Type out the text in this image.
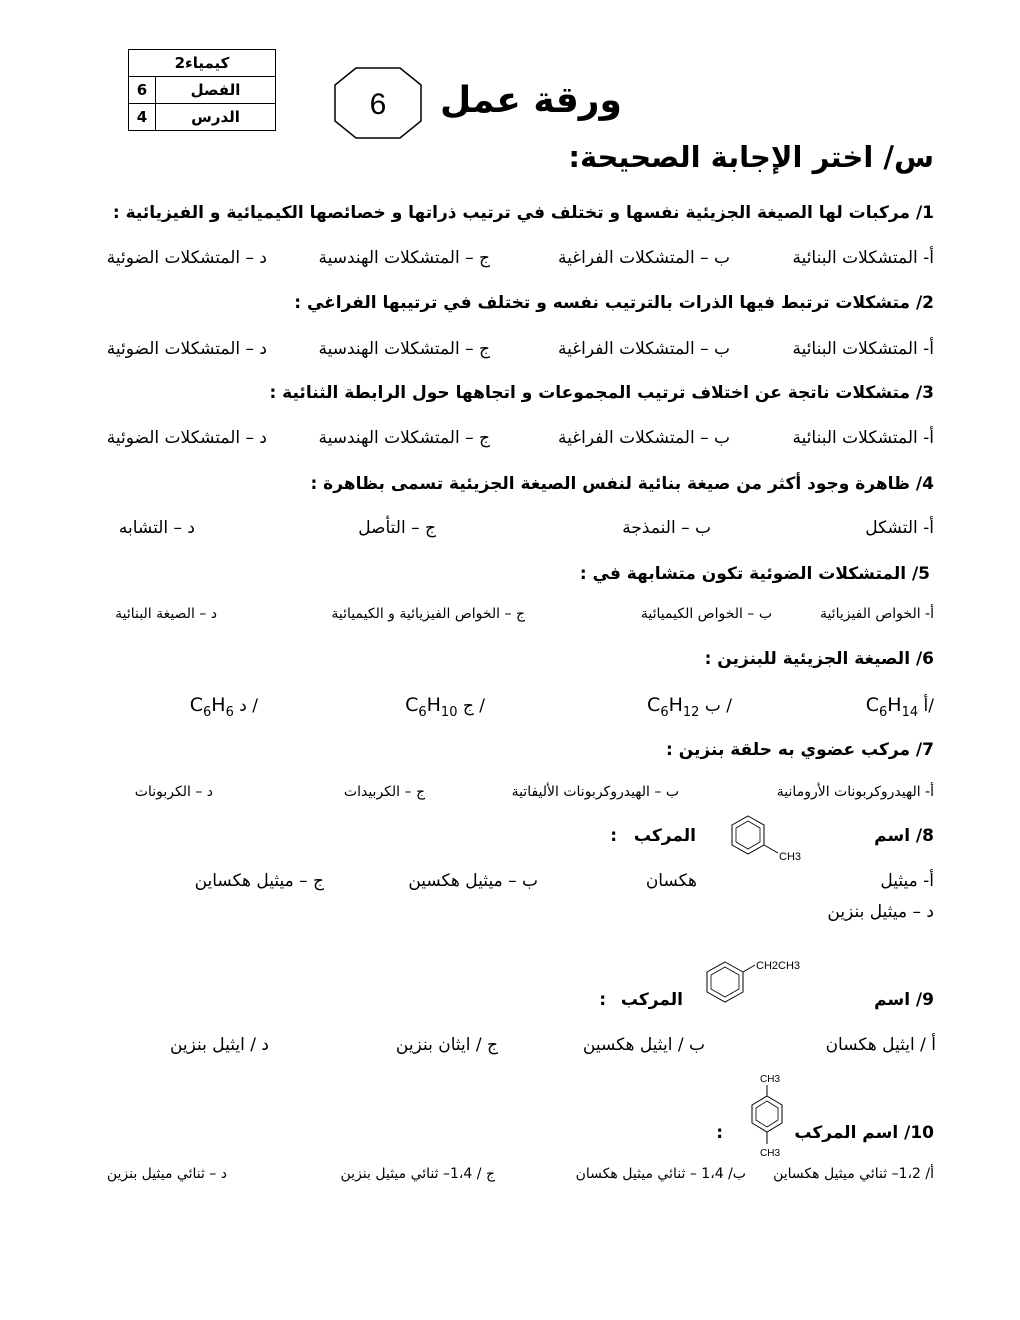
2كيمياء	
6	الفصل
4	الدرس	6 ورقة عمل
س/ اختر الإجابة الصحيحة:
1/ مركبات لها الصيغة الجزيئية نفسها و تختلف في ترتيب ذراتها و خصائصها الكيميائية و الفيزيائية :
أ- المتشكلات البنائية
ب – المتشكلات الفراغية
ج – المتشكلات الهندسية
د – المتشكلات الضوئية
2/ متشكلات ترتبط فيها الذرات بالترتيب نفسه و تختلف في ترتيبها الفراغي :
أ- المتشكلات البنائية
ب – المتشكلات الفراغية
ج – المتشكلات الهندسية
د – المتشكلات الضوئية
3/ متشكلات ناتجة عن اختلاف ترتيب المجموعات و اتجاهها حول الرابطة الثنائية :
أ- المتشكلات البنائية
ب – المتشكلات الفراغية
ج – المتشكلات الهندسية
د – المتشكلات الضوئية
4/ ظاهرة وجود أكثر من صيغة بنائية لنفس الصيغة الجزيئية تسمى بظاهرة :
أ- التشكل
ب – النمذجة
ج – التأصل
د – التشابه
5/ المتشكلات الضوئية تكون متشابهة في :
أ- الخواص الفيزيائية
ب – الخواص الكيميائية
ج – الخواص الفيزيائية و الكيميائية
د – الصيغة البنائية
6/ الصيغة الجزيئية للبنزين :
$C_6H_{14}$ أ/
$C_6H_{12}$ ب /
$C_6H_{10}$ ج /
$C_6H_6$ د /
7/ مركب عضوي به حلقة بنزين :
أ- الهيدروكربونات الأرومانية
ب – الهيدروكربونات الأليفاتية
ج – الكربيدات
د – الكربونات
8/ اسم
المركب
:
CH3
أ- ميثيل
هكسان
ب – ميثيل هكسين
ج – ميثيل هكساين
د – ميثيل بنزين
CH2CH3
9/ اسم
المركب
:
أ / ايثيل هكسان
ب / ايثيل هكسين
ج / ايثان بنزين
د / ايثيل بنزين
CH3
CH3
10/ اسم المركب
:
أ/ 1،2– ثنائي ميثيل هكساين
ب/ 1،4 – ثنائي ميثيل هكسان
ج / 1،4– ثنائي ميثيل بنزين
د – ثنائي ميثيل بنزين
